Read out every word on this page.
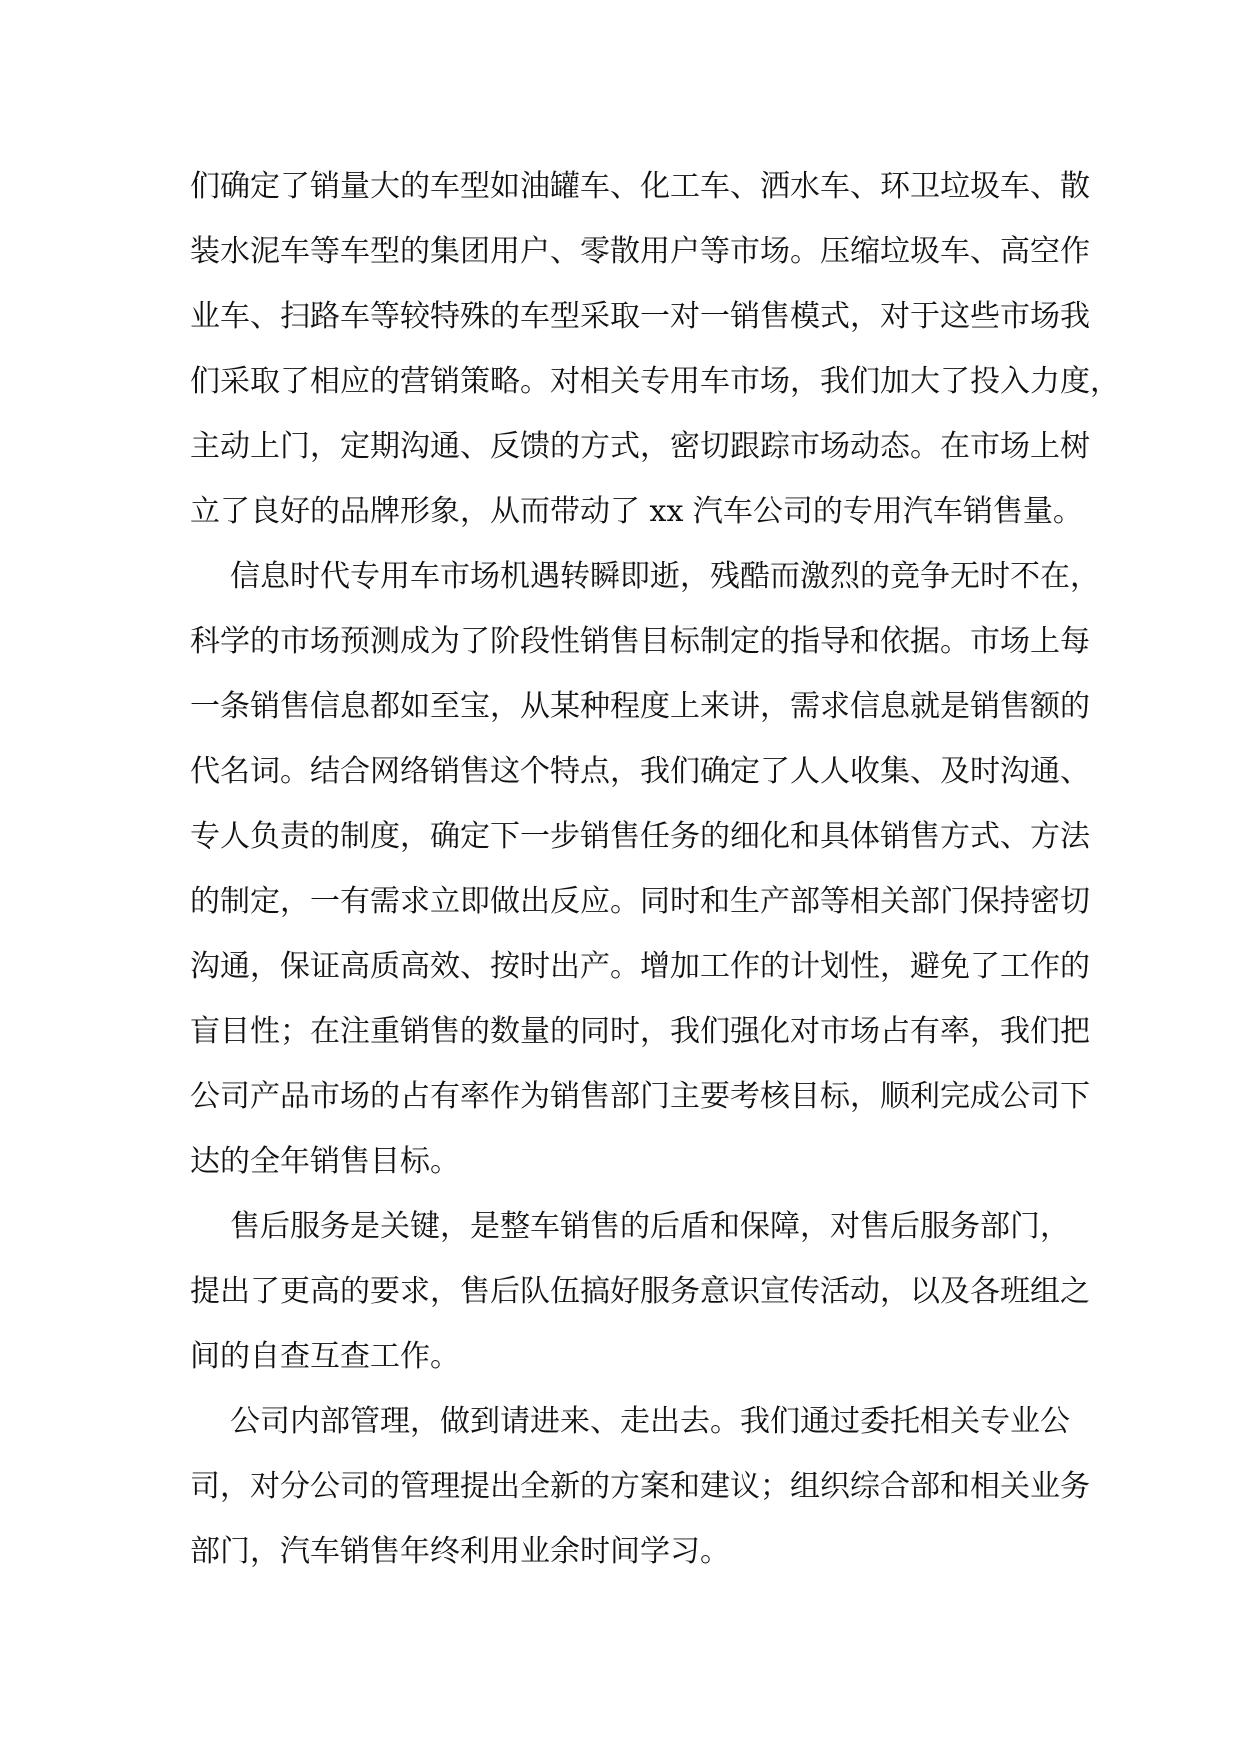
们确定了销量大的车型如油罐车、化工车、洒水车、环卫垃圾车、散
装水泥车等车型的集团用户、零散用户等市场。压缩垃圾车、高空作
业车、扫路车等较特殊的车型采取一对一销售模式，对于这些市场我
们采取了相应的营销策略。对相关专用车市场，我们加大了投入力度，
主动上门，定期沟通、反馈的方式，密切跟踪市场动态。在市场上树
立了良好的品牌形象，从而带动了 xx 汽车公司的专用汽车销售量。
信息时代专用车市场机遇转瞬即逝，残酷而激烈的竞争无时不在，
科学的市场预测成为了阶段性销售目标制定的指导和依据。市场上每
一条销售信息都如至宝，从某种程度上来讲，需求信息就是销售额的
代名词。结合网络销售这个特点，我们确定了人人收集、及时沟通、
专人负责的制度，确定下一步销售任务的细化和具体销售方式、方法
的制定，一有需求立即做出反应。同时和生产部等相关部门保持密切
沟通，保证高质高效、按时出产。增加工作的计划性，避免了工作的
盲目性；在注重销售的数量的同时，我们强化对市场占有率，我们把
公司产品市场的占有率作为销售部门主要考核目标，顺利完成公司下
达的全年销售目标。
售后服务是关键，是整车销售的后盾和保障，对售后服务部门，
提出了更高的要求，售后队伍搞好服务意识宣传活动，以及各班组之
间的自查互查工作。
公司内部管理，做到请进来、走出去。我们通过委托相关专业公
司，对分公司的管理提出全新的方案和建议；组织综合部和相关业务
部门，汽车销售年终利用业余时间学习。
